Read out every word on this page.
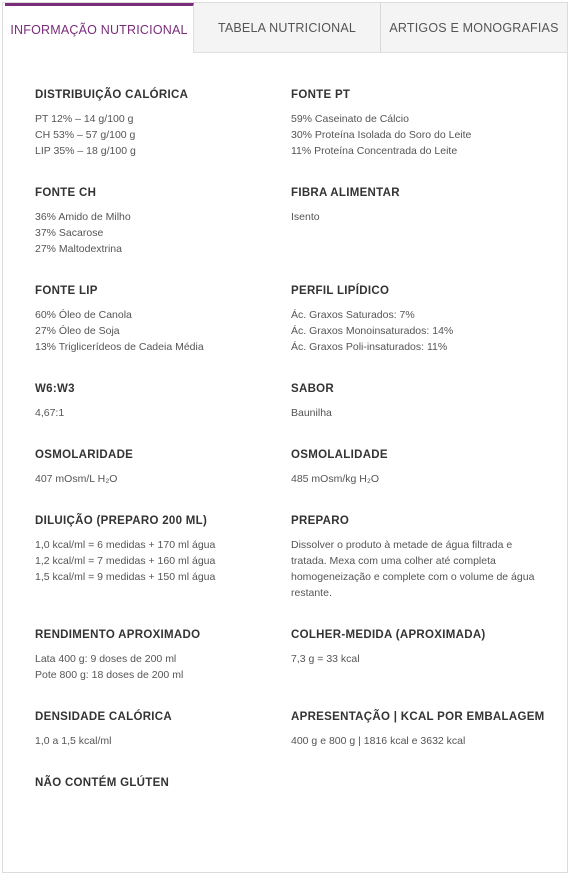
INFORMAÇÃO NUTRICIONAL	TABELA NUTRICIONAL	ARTIGOS E MONOGRAFIAS
DISTRIBUIÇÃO CALÓRICA
PT 12% – 14 g/100 g
CH 53% – 57 g/100 g
LIP 35% – 18 g/100 g
FONTE PT
59% Caseinato de Cálcio
30% Proteína Isolada do Soro do Leite
11% Proteína Concentrada do Leite
FONTE CH
36% Amido de Milho
37% Sacarose
27% Maltodextrina
FIBRA ALIMENTAR
Isento
FONTE LIP
60% Óleo de Canola
27% Óleo de Soja
13% Triglicerídeos de Cadeia Média
PERFIL LIPÍDICO
Ác. Graxos Saturados: 7%
Ác. Graxos Monoinsaturados: 14%
Ác. Graxos Poli-insaturados: 11%
W6:W3
4,67:1
SABOR
Baunilha
OSMOLARIDADE
407 mOsm/L H₂O
OSMOLALIDADE
485 mOsm/kg H₂O
DILUIÇÃO (PREPARO 200 ML)
1,0 kcal/ml = 6 medidas + 170 ml água
1,2 kcal/ml = 7 medidas + 160 ml água
1,5 kcal/ml = 9 medidas + 150 ml água
PREPARO
Dissolver o produto à metade de água filtrada e tratada. Mexa com uma colher até completa homogeneização e complete com o volume de água restante.
RENDIMENTO APROXIMADO
Lata 400 g: 9 doses de 200 ml
Pote 800 g: 18 doses de 200 ml
COLHER-MEDIDA (APROXIMADA)
7,3 g = 33 kcal
DENSIDADE CALÓRICA
1,0 a 1,5 kcal/ml
APRESENTAÇÃO | KCAL POR EMBALAGEM
400 g e 800 g | 1816 kcal e 3632 kcal
NÃO CONTÉM GLÚTEN
